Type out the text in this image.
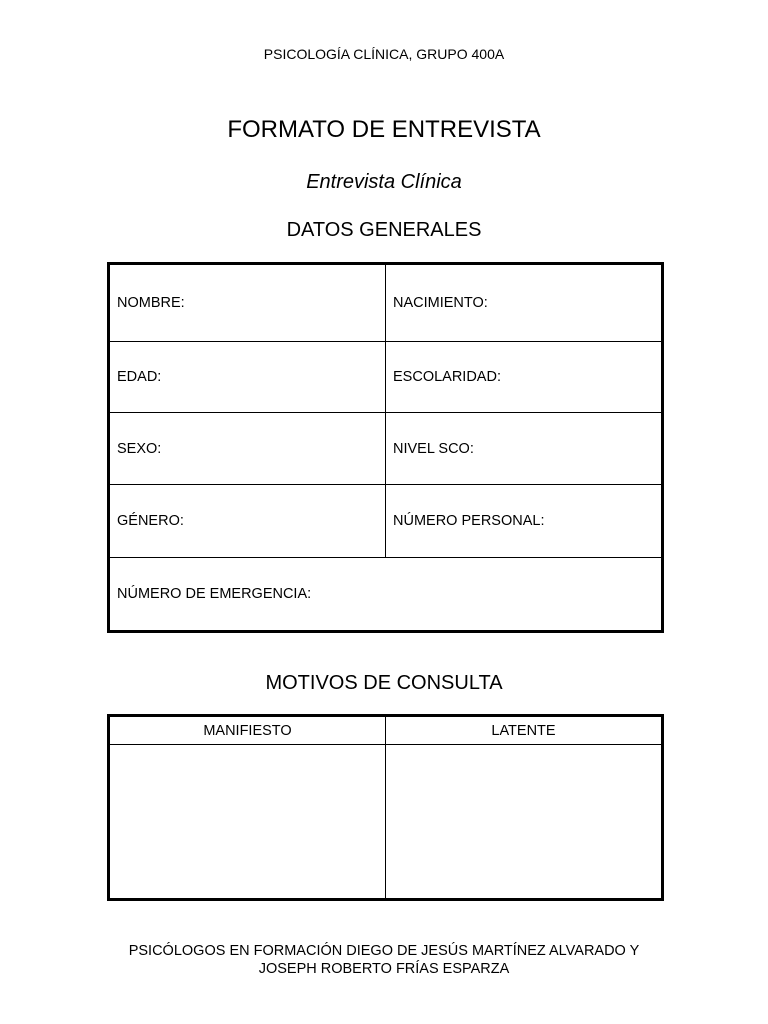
PSICOLOGÍA CLÍNICA, GRUPO 400A
FORMATO DE ENTREVISTA
Entrevista Clínica
DATOS GENERALES
NOMBRE:	NACIMIENTO:
EDAD:	ESCOLARIDAD:
SEXO:	NIVEL SCO:
GÉNERO:	NÚMERO PERSONAL:
NÚMERO DE EMERGENCIA:	
MOTIVOS DE CONSULTA
MANIFIESTO	LATENTE

PSICÓLOGOS EN FORMACIÓN DIEGO DE JESÚS MARTÍNEZ ALVARADO Y
JOSEPH ROBERTO FRÍAS ESPARZA
